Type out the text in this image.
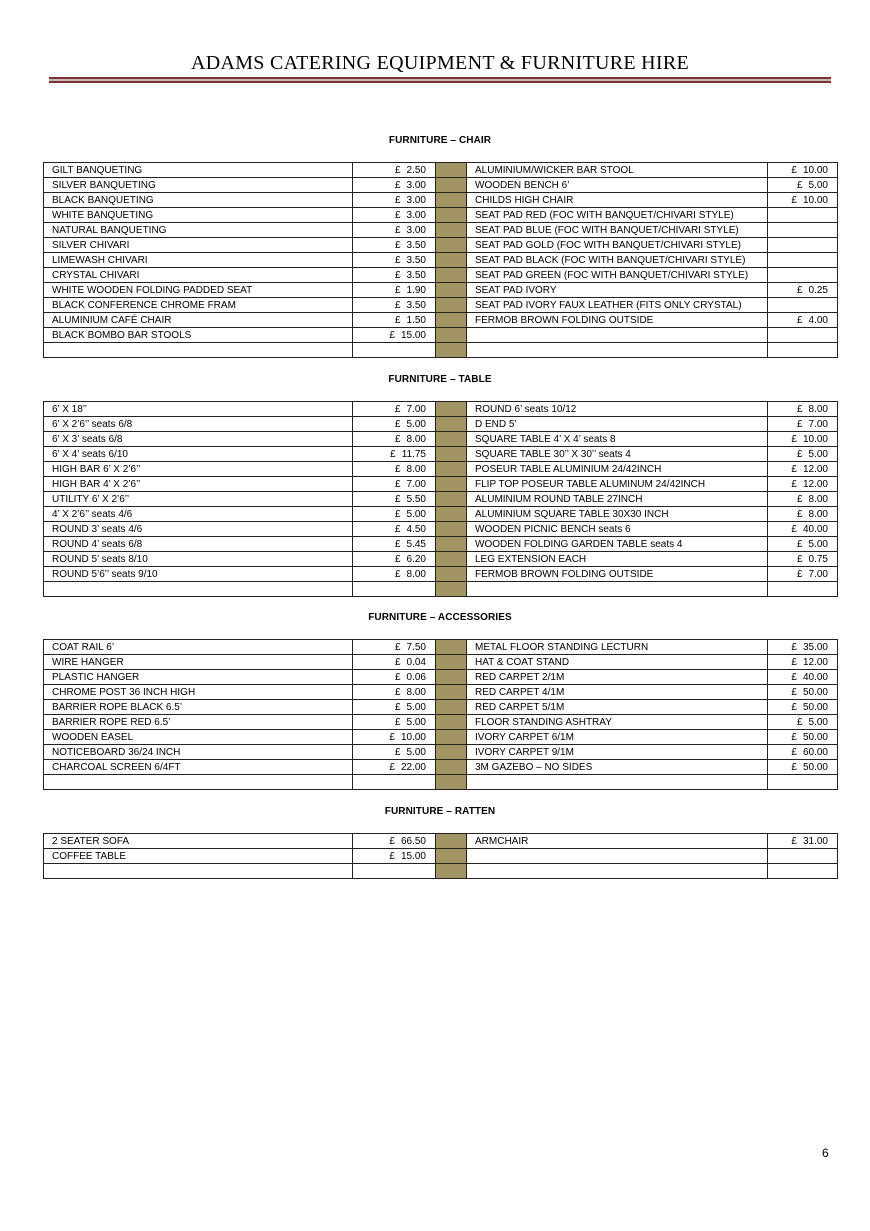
ADAMS CATERING EQUIPMENT & FURNITURE HIRE
FURNITURE – CHAIR
GILT BANQUETING	£ 2.50		ALUMINIUM/WICKER BAR STOOL	£ 10.00
SILVER BANQUETING	£ 3.00		WOODEN BENCH 6’	£ 5.00
BLACK BANQUETING	£ 3.00		CHILDS HIGH CHAIR	£ 10.00
WHITE BANQUETING	£ 3.00		SEAT PAD RED (FOC WITH BANQUET/CHIVARI STYLE)	
NATURAL BANQUETING	£ 3.00		SEAT PAD BLUE (FOC WITH BANQUET/CHIVARI STYLE)	
SILVER CHIVARI	£ 3.50		SEAT PAD GOLD (FOC WITH BANQUET/CHIVARI STYLE)	
LIMEWASH CHIVARI	£ 3.50		SEAT PAD BLACK (FOC WITH BANQUET/CHIVARI STYLE)	
CRYSTAL CHIVARI	£ 3.50		SEAT PAD GREEN (FOC WITH BANQUET/CHIVARI STYLE)	
WHITE WOODEN FOLDING PADDED SEAT	£ 1.90		SEAT PAD IVORY	£ 0.25
BLACK CONFERENCE CHROME FRAM	£ 3.50		SEAT PAD IVORY FAUX LEATHER (FITS ONLY CRYSTAL)	
ALUMINIUM CAFÉ CHAIR	£ 1.50		FERMOB BROWN FOLDING OUTSIDE	£ 4.00
BLACK BOMBO BAR STOOLS	£ 15.00			

FURNITURE – TABLE
6’ X 18’’	£ 7.00		ROUND 6’ seats 10/12	£ 8.00
6’ X 2’6’’ seats 6/8	£ 5.00		D END 5’	£ 7.00
6’ X 3’ seats 6/8	£ 8.00		SQUARE TABLE 4’ X 4’ seats 8	£ 10.00
6’ X 4’ seats 6/10	£ 11.75		SQUARE TABLE 30’’ X 30’’ seats 4	£ 5.00
HIGH BAR 6’ X 2’6’’	£ 8.00		POSEUR TABLE ALUMINIUM 24/42INCH	£ 12.00
HIGH BAR 4’ X 2’6’’	£ 7.00		FLIP TOP POSEUR TABLE ALUMINUM 24/42INCH	£ 12.00
UTILITY 6’ X 2’6’’	£ 5.50		ALUMINIUM ROUND TABLE 27INCH	£ 8.00
4’ X 2’6’’ seats 4/6	£ 5.00		ALUMINIUM SQUARE TABLE 30X30 INCH	£ 8.00
ROUND 3’ seats 4/6	£ 4.50		WOODEN PICNIC BENCH seats 6	£ 40.00
ROUND 4’ seats 6/8	£ 5.45		WOODEN FOLDING GARDEN TABLE seats 4	£ 5.00
ROUND 5’ seats 8/10	£ 6.20		LEG EXTENSION EACH	£ 0.75
ROUND 5’6’’ seats 9/10	£ 8.00		FERMOB BROWN FOLDING OUTSIDE	£ 7.00

FURNITURE – ACCESSORIES
COAT RAIL 6’	£ 7.50		METAL FLOOR STANDING LECTURN	£ 35.00
WIRE HANGER	£ 0.04		HAT & COAT STAND	£ 12.00
PLASTIC HANGER	£ 0.06		RED CARPET 2/1M	£ 40.00
CHROME POST 36 INCH HIGH	£ 8.00		RED CARPET 4/1M	£ 50.00
BARRIER ROPE BLACK 6.5’	£ 5.00		RED CARPET 5/1M	£ 50.00
BARRIER ROPE RED 6.5’	£ 5.00		FLOOR STANDING ASHTRAY	£ 5.00
WOODEN EASEL	£ 10.00		IVORY CARPET 6/1M	£ 50.00
NOTICEBOARD 36/24 INCH	£ 5.00		IVORY CARPET 9/1M	£ 60.00
CHARCOAL SCREEN 6/4FT	£ 22.00		3M GAZEBO – NO SIDES	£ 50.00

FURNITURE – RATTEN
2 SEATER SOFA	£ 66.50		ARMCHAIR	£ 31.00
COFFEE TABLE	£ 15.00			

6
